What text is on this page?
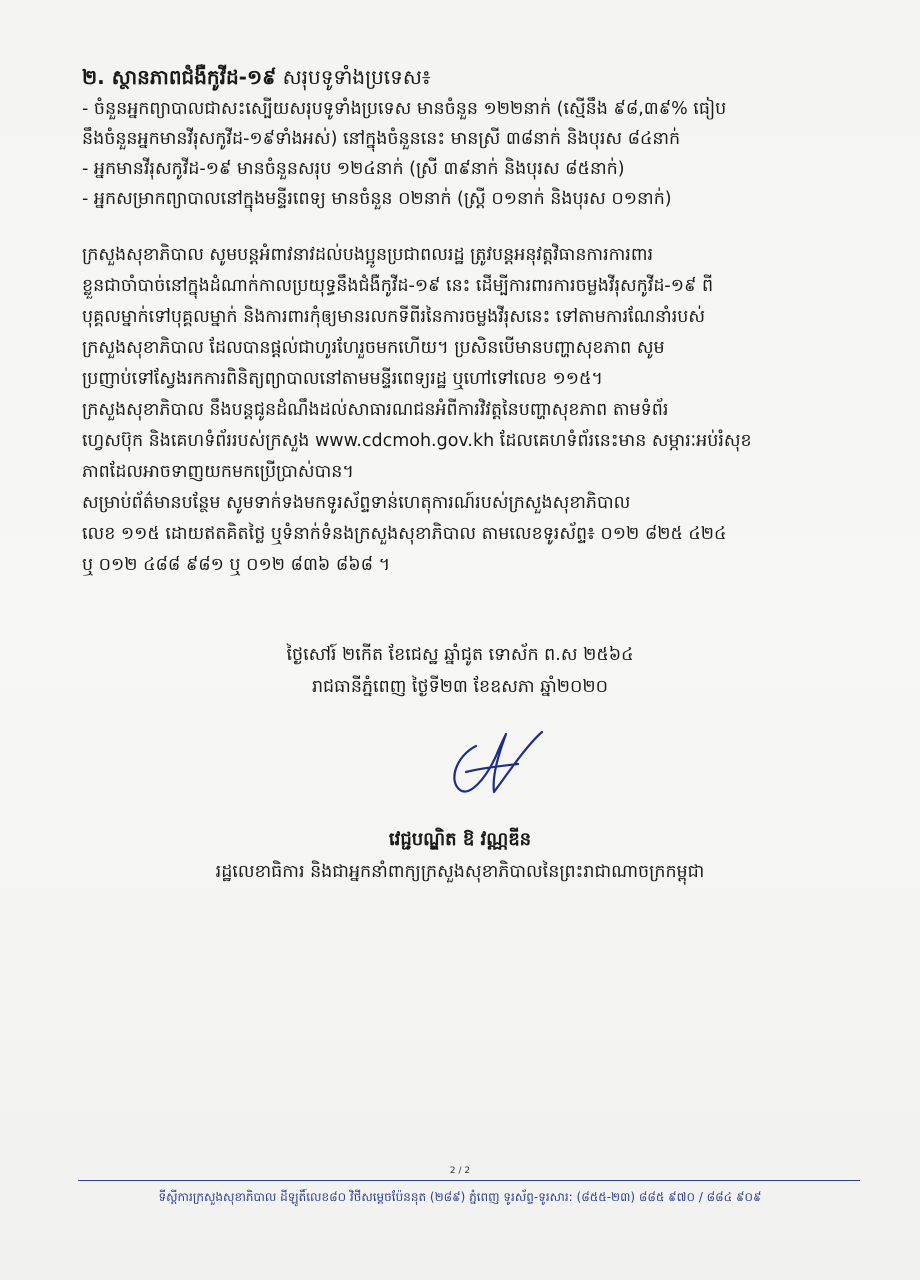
២. ស្ថានភាពជំងឺកូវីដ-១៩ សរុបទូទាំងប្រទេស៖

- ចំនួនអ្នកព្យាបាលជាសះស្បើយសរុបទូទាំងប្រទេស មានចំនួន ១២២នាក់ (ស្មើនឹង ៩៨,៣៩% ធៀប

នឹងចំនួនអ្នកមានវីរុសកូវីដ-១៩ទាំងអស់) នៅក្នុងចំនួននេះ មានស្រី ៣៨នាក់ និងបុរស ៨៤នាក់

- អ្នកមានវីរុសកូវីដ-១៩ មានចំនួនសរុប ១២៤នាក់ (ស្រី ៣៩នាក់ និងបុរស ៨៥នាក់)

- អ្នកសម្រាកព្យាបាលនៅក្នុងមន្ទីរពេទ្យ មានចំនួន ០២នាក់ (ស្ត្រី ០១នាក់ និងបុរស ០១នាក់)

ក្រសួងសុខាភិបាល សូមបន្តអំពាវនាវដល់បងប្អូនប្រជាពលរដ្ឋ ត្រូវបន្តអនុវត្តវិធានការការពារ
ខ្លួនជាចាំបាច់នៅក្នុងដំណាក់កាលប្រយុទ្ធនឹងជំងឺកូវីដ-១៩ នេះ ដើម្បីការពារការចម្លងវីរុសកូវីដ-១៩ ពី
បុគ្គលម្នាក់ទៅបុគ្គលម្នាក់ និងការពារកុំឲ្យមានរលកទីពីរនៃការចម្លងវីរុសនេះ ទៅតាមការណែនាំរបស់
ក្រសួងសុខាភិបាល ដែលបានផ្តល់ជាហូរហែរួចមកហើយ។ ប្រសិនបើមានបញ្ហាសុខភាព សូម
ប្រញាប់ទៅស្វែងរកការពិនិត្យព្យាបាលនៅតាមមន្ទីរពេទ្យរដ្ឋ ឬហៅទៅលេខ ១១៥។
ក្រសួងសុខាភិបាល នឹងបន្តជូនដំណឹងដល់សាធារណជនអំពីការវិវត្តនៃបញ្ហាសុខភាព តាមទំព័រ
ហ្វេសប៊ុក និងគេហទំព័ររបស់ក្រសួង www.cdcmoh.gov.kh ដែលគេហទំព័រនេះមាន សម្ភារៈអប់រំសុខ
ភាពដែលអាចទាញយកមកប្រើប្រាស់បាន។
សម្រាប់ព័ត៌មានបន្ថែម សូមទាក់ទងមកទូរស័ព្ទទាន់ហេតុការណ៍របស់ក្រសួងសុខាភិបាល
លេខ ១១៥ ដោយឥតគិតថ្លៃ ឬទំនាក់ទំនងក្រសួងសុខាភិបាល តាមលេខទូរស័ព្ទ៖ ០១២ ៨២៥ ៤២៤
ឬ ០១២ ៤៨៨ ៩៨១ ឬ ០១២ ៨៣៦ ៨៦៨ ។
ថ្ងៃសៅរ៍ ២កើត ខែជេស្ឋ ឆ្នាំជូត ទោស័ក ព.ស ២៥៦៤
រាជធានីភ្នំពេញ ថ្ងៃទី២៣ ខែឧសភា ឆ្នាំ២០២០
វេជ្ជបណ្ឌិត ឱ វណ្ណឌីន
រដ្ឋលេខាធិការ និងជាអ្នកនាំពាក្យក្រសួងសុខាភិបាលនៃព្រះរាជាណាចក្រកម្ពុជា
2 / 2
ទីស្តីការក្រសួងសុខាភិបាល ដីឡូតិ៍លេខ៨០ វិថីសម្តេចប៉ែននុត (២៨៩) ភ្នំពេញ ទូរស័ព្ទ-ទូរសារ: (៨៥៥-២៣) ៨៨៥ ៩៧០ / ៨៨៤ ៩០៩
